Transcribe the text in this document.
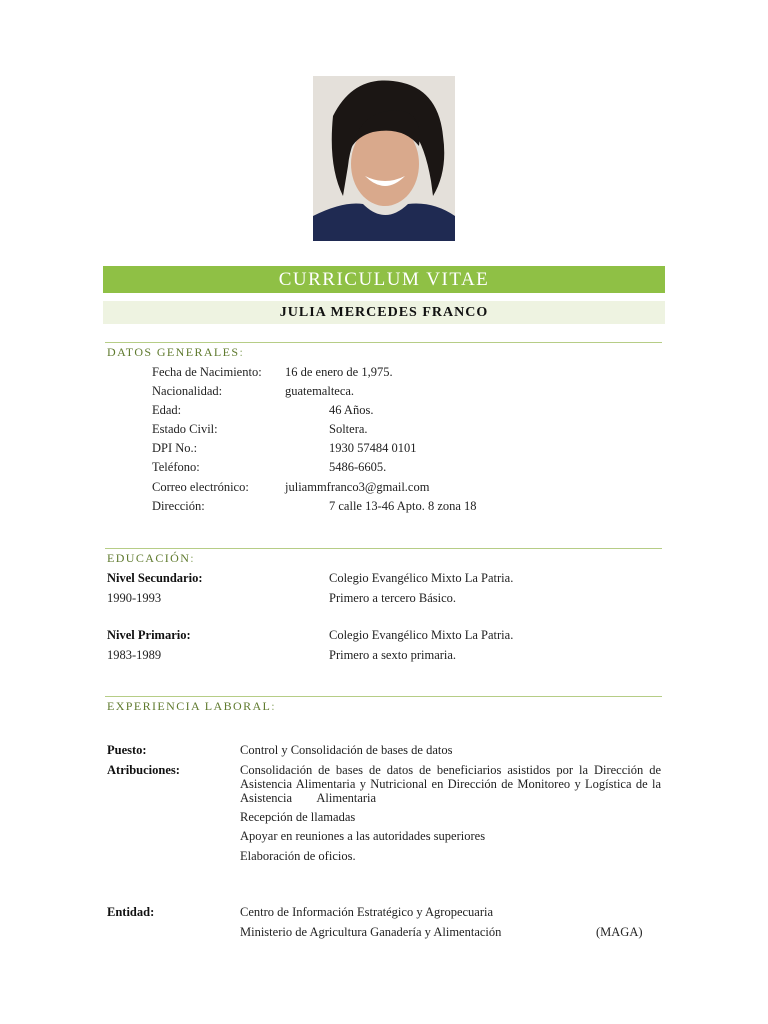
CURRICULUM VITAE
JULIA MERCEDES FRANCO
DATOS GENERALES:
Fecha de Nacimiento: 16 de enero de 1,975.
Nacionalidad:	guatemalteca.
Edad:	46 Años.
Estado Civil:	Soltera.
DPI No.:	1930 57484 0101
Teléfono:	5486-6605.
Correo electrónico:	juliammfranco3@gmail.com
Dirección:	7 calle 13-46 Apto. 8 zona 18
EDUCACIÓN:
Nivel Secundario:	Colegio Evangélico Mixto La Patria.
1990-1993	Primero a tercero Básico.
Nivel Primario:	Colegio Evangélico Mixto La Patria.
1983-1989	Primero a sexto primaria.
EXPERIENCIA LABORAL:
Puesto:	Control y Consolidación de bases de datos
Atribuciones:	Consolidación de bases de datos de beneficiarios asistidos por la Dirección de Asistencia Alimentaria y Nutricional en Dirección de Monitoreo y Logística de la Asistencia        Alimentaria
Recepción de llamadas
Apoyar en reuniones a las autoridades superiores
Elaboración de oficios.
Entidad:	Centro de Información Estratégico y Agropecuaria
Ministerio de Agricultura Ganadería y Alimentación	(MAGA)
